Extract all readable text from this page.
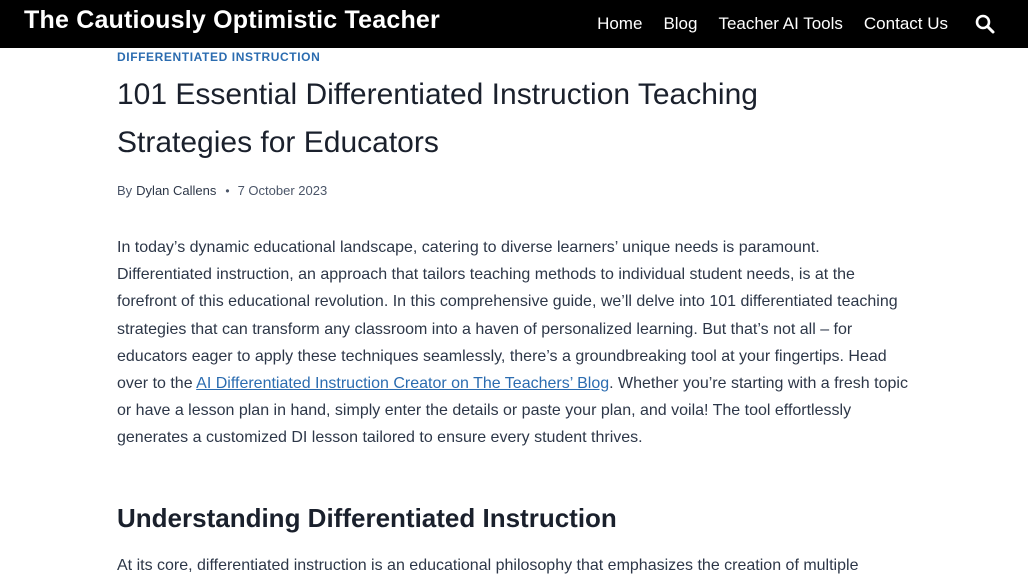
The Cautiously Optimistic Teacher	Home Blog Teacher AI Tools Contact Us
DIFFERENTIATED INSTRUCTION
101 Essential Differentiated Instruction Teaching Strategies for Educators
By Dylan Callens • 7 October 2023

In today’s dynamic educational landscape, catering to diverse learners’ unique needs is paramount. Differentiated instruction, an approach that tailors teaching methods to individual student needs, is at the forefront of this educational revolution. In this comprehensive guide, we’ll delve into 101 differentiated teaching strategies that can transform any classroom into a haven of personalized learning. But that’s not all – for educators eager to apply these techniques seamlessly, there’s a groundbreaking tool at your fingertips. Head over to the AI Differentiated Instruction Creator on The Teachers’ Blog. Whether you’re starting with a fresh topic or have a lesson plan in hand, simply enter the details or paste your plan, and voila! The tool effortlessly generates a customized DI lesson tailored to ensure every student thrives.

Understanding Differentiated Instruction

At its core, differentiated instruction is an educational philosophy that emphasizes the creation of multiple
